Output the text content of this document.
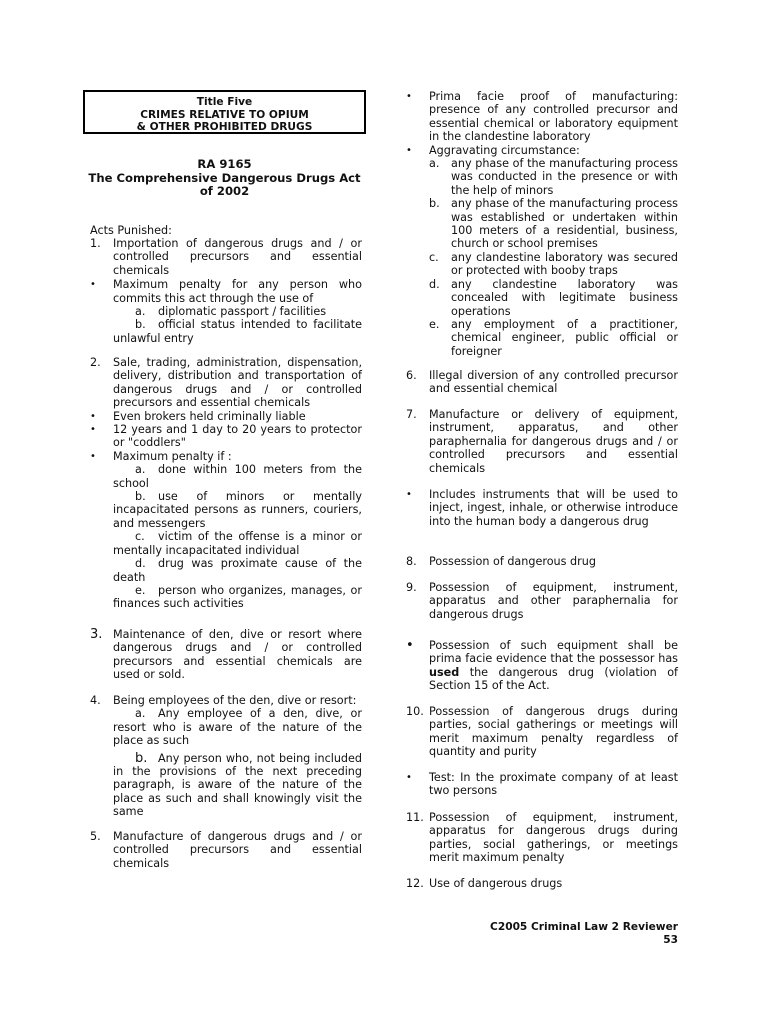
Title Five
CRIMES RELATIVE TO OPIUM
& OTHER PROHIBITED DRUGS
RA 9165
The Comprehensive Dangerous Drugs Act
of 2002
Acts Punished:
1.	Importation of dangerous drugs and / or controlled precursors and essential chemicals
•	Maximum penalty for any person who commits this act through the use of
a.	diplomatic passport / facilities
b. official status intended to facilitate unlawful entry
2.	Sale, trading, administration, dispensation, delivery, distribution and transportation of dangerous drugs and / or controlled precursors and essential chemicals
•	Even brokers held criminally liable
•	12 years and 1 day to 20 years to protector or "coddlers"
•	Maximum penalty if :
a. done within 100 meters from the school
b. use of minors or mentally incapacitated persons as runners, couriers, and messengers
c. victim of the offense is a minor or mentally incapacitated individual
d. drug was proximate cause of the death
e. person who organizes, manages, or finances such activities
3. Maintenance of den, dive or resort where dangerous drugs and / or controlled precursors and essential chemicals are used or sold.
4.	Being employees of the den, dive or resort:
a. Any employee of a den, dive, or resort who is aware of the nature of the place as such
b. Any person who, not being included in the provisions of the next preceding paragraph, is aware of the nature of the place as such and shall knowingly visit the same
5.	Manufacture of dangerous drugs and / or controlled precursors and essential chemicals
•	Prima facie proof of manufacturing: presence of any controlled precursor and essential chemical or laboratory equipment in the clandestine laboratory
•	Aggravating circumstance:
a.	any phase of the manufacturing process was conducted in the presence or with the help of minors
b.	any phase of the manufacturing process was established or undertaken within 100 meters of a residential, business, church or school premises
c.	any clandestine laboratory was secured or protected with booby traps
d.	any clandestine laboratory was concealed with legitimate business operations
e.	any employment of a practitioner, chemical engineer, public official or foreigner
6.	Illegal diversion of any controlled precursor and essential chemical
7.	Manufacture or delivery of equipment, instrument, apparatus, and other paraphernalia for dangerous drugs and / or controlled precursors and essential chemicals
•	Includes instruments that will be used to inject, ingest, inhale, or otherwise introduce into the human body a dangerous drug
8.	Possession of dangerous drug
9.	Possession of equipment, instrument, apparatus and other paraphernalia for dangerous drugs
•	Possession of such equipment shall be prima facie evidence that the possessor has used the dangerous drug (violation of Section 15 of the Act.
10. Possession of dangerous drugs during parties, social gatherings or meetings will merit maximum penalty regardless of quantity and purity
•	Test: In the proximate company of at least two persons
11. Possession of equipment, instrument, apparatus for dangerous drugs during parties, social gatherings, or meetings merit maximum penalty
12. Use of dangerous drugs
C2005 Criminal Law 2 Reviewer
53
